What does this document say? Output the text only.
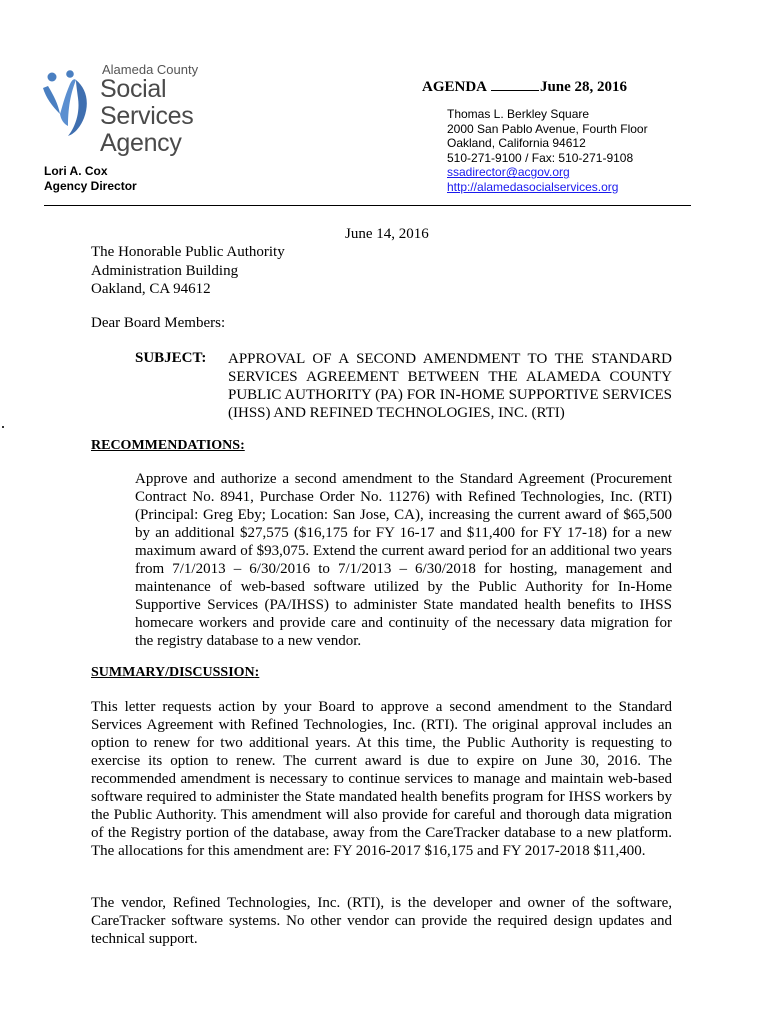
Alameda County
Social Services
Agency
Lori A. Cox
Agency Director
AGENDA	June 28, 2016
Thomas L. Berkley Square
2000 San Pablo Avenue, Fourth Floor
Oakland, California 94612
510-271-9100 / Fax: 510-271-9108
ssadirector@acgov.org
http://alamedasocialservices.org
June 14, 2016
The Honorable Public Authority
Administration Building
Oakland, CA 94612
Dear Board Members:
SUBJECT: APPROVAL OF A SECOND AMENDMENT TO THE STANDARD SERVICES AGREEMENT BETWEEN THE ALAMEDA COUNTY PUBLIC AUTHORITY (PA) FOR IN-HOME SUPPORTIVE SERVICES (IHSS) AND REFINED TECHNOLOGIES, INC. (RTI)
RECOMMENDATIONS:
Approve and authorize a second amendment to the Standard Agreement (Procurement Contract No. 8941, Purchase Order No. 11276) with Refined Technologies, Inc. (RTI) (Principal: Greg Eby; Location: San Jose, CA), increasing the current award of $65,500 by an additional $27,575 ($16,175 for FY 16-17 and $11,400 for FY 17-18) for a new maximum award of $93,075. Extend the current award period for an additional two years from 7/1/2013 – 6/30/2016 to 7/1/2013 – 6/30/2018 for hosting, management and maintenance of web-based software utilized by the Public Authority for In-Home Supportive Services (PA/IHSS) to administer State mandated health benefits to IHSS homecare workers and provide care and continuity of the necessary data migration for the registry database to a new vendor.
SUMMARY/DISCUSSION:
This letter requests action by your Board to approve a second amendment to the Standard Services Agreement with Refined Technologies, Inc. (RTI). The original approval includes an option to renew for two additional years. At this time, the Public Authority is requesting to exercise its option to renew. The current award is due to expire on June 30, 2016. The recommended amendment is necessary to continue services to manage and maintain web-based software required to administer the State mandated health benefits program for IHSS workers by the Public Authority. This amendment will also provide for careful and thorough data migration of the Registry portion of the database, away from the CareTracker database to a new platform. The allocations for this amendment are: FY 2016-2017 $16,175 and FY 2017-2018 $11,400.
The vendor, Refined Technologies, Inc. (RTI), is the developer and owner of the software, CareTracker software systems. No other vendor can provide the required design updates and technical support.
